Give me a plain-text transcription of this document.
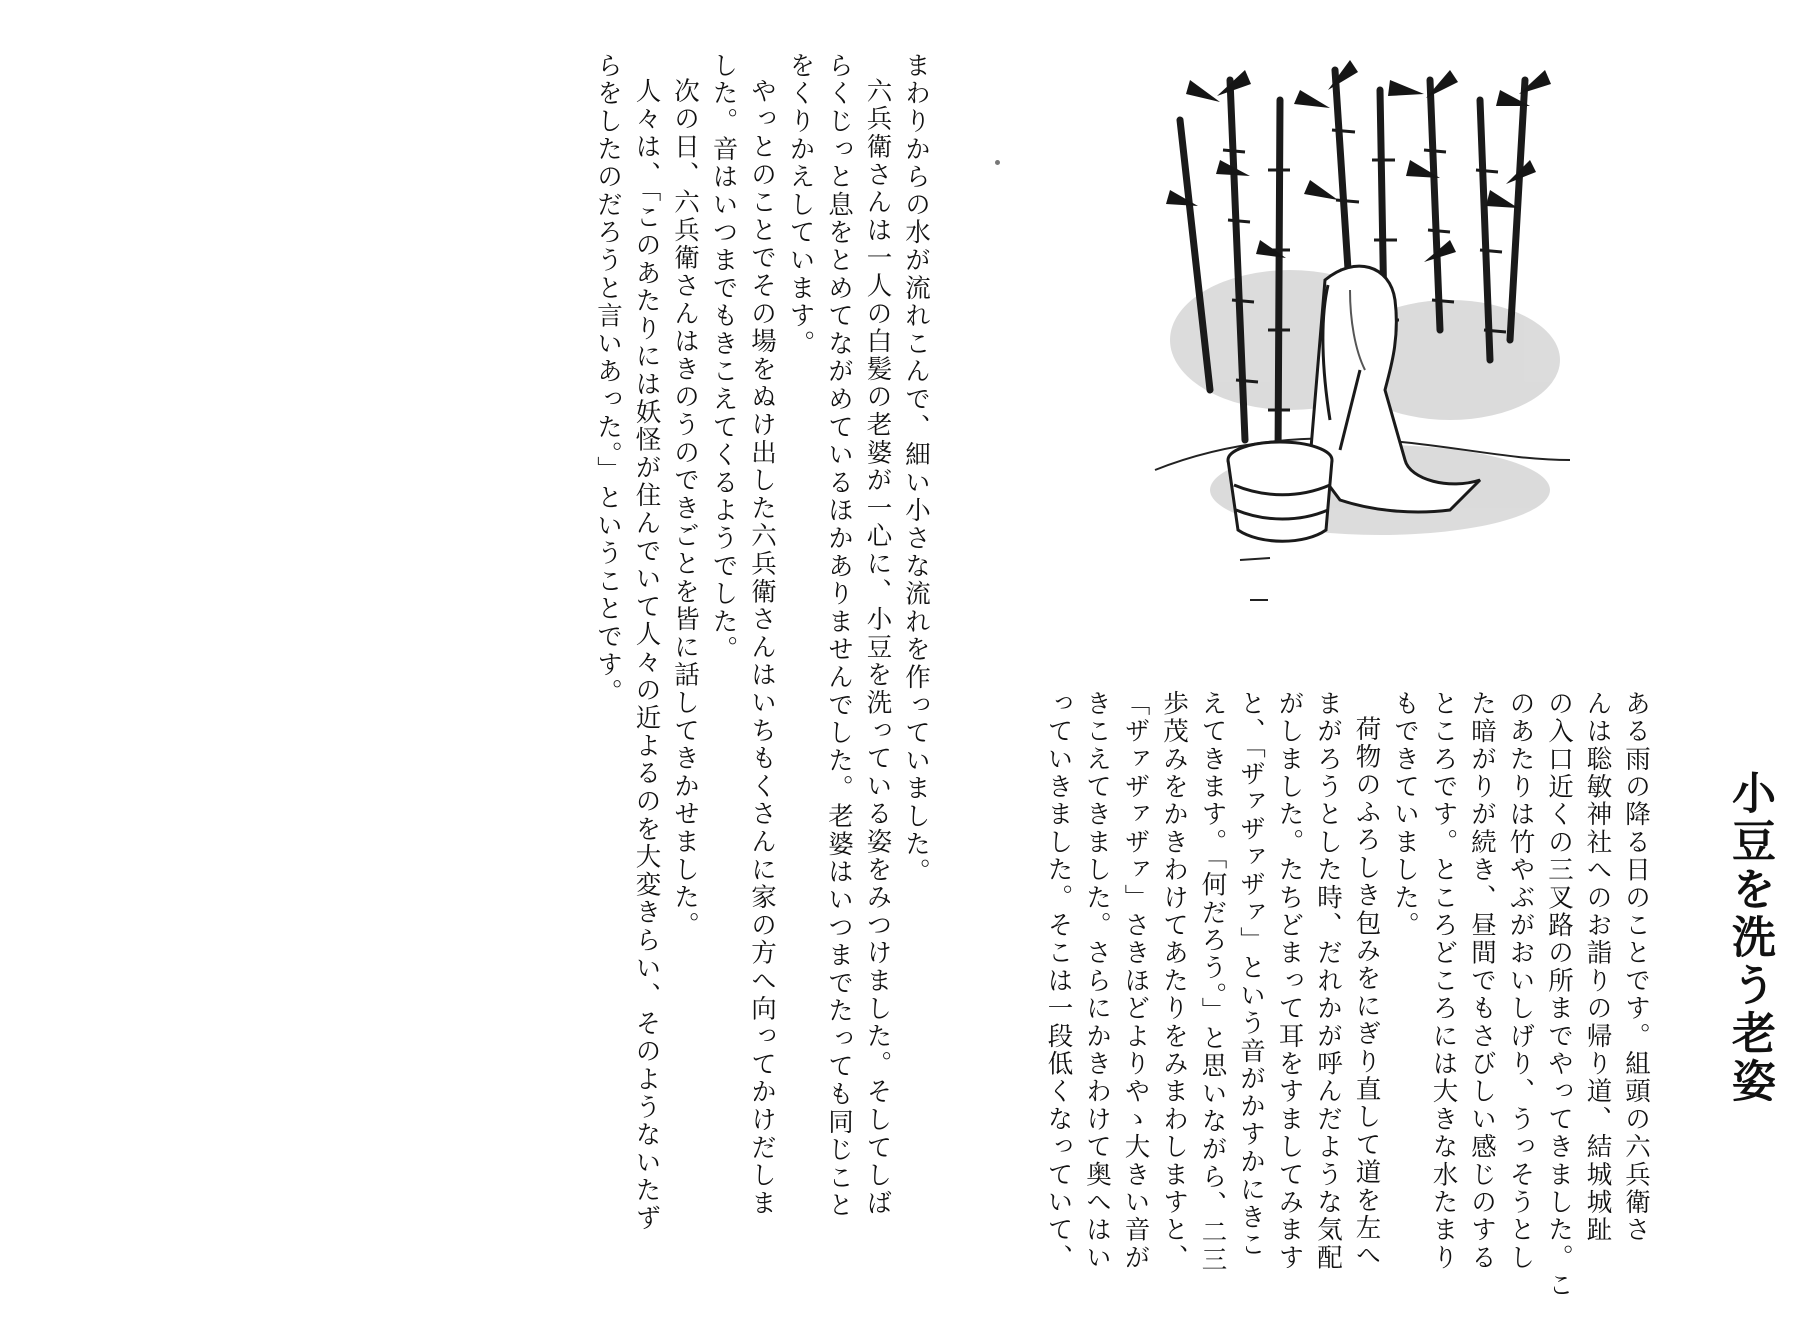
小豆を洗う老姿

ある雨の降る日のことです。組頭の六兵衛さ

んは聡敏神社へのお詣りの帰り道、結城城趾

の入口近くの三叉路の所までやってきました。こ

のあたりは竹やぶがおいしげり、うっそうとし

た暗がりが続き、昼間でもさびしい感じのする

ところです。ところどころには大きな水たまり

もできていました。

荷物のふろしき包みをにぎり直して道を左へ

まがろうとした時、だれかが呼んだような気配

がしました。たちどまって耳をすましてみます

と、「ザァザァザァ」という音がかすかにきこ

えてきます。「何だろう。」と思いながら、二三

歩茂みをかきわけてあたりをみまわしますと、

「ザァザァザァ」さきほどよりやゝ大きい音が

きこえてきました。さらにかきわけて奥へはい

っていきました。そこは一段低くなっていて、

まわりからの水が流れこんで、細い小さな流れを作っていました。

六兵衛さんは一人の白髪の老婆が一心に、小豆を洗っている姿をみつけました。そしてしば

らくじっと息をとめてながめているほかありませんでした。老婆はいつまでたっても同じこと

をくりかえしています。

やっとのことでその場をぬけ出した六兵衛さんはいちもくさんに家の方へ向ってかけだしま

した。音はいつまでもきこえてくるようでした。

次の日、六兵衛さんはきのうのできごとを皆に話してきかせました。

人々は、「このあたりには妖怪が住んでいて人々の近よるのを大変きらい、そのようないたず

らをしたのだろうと言いあった。」ということです。
